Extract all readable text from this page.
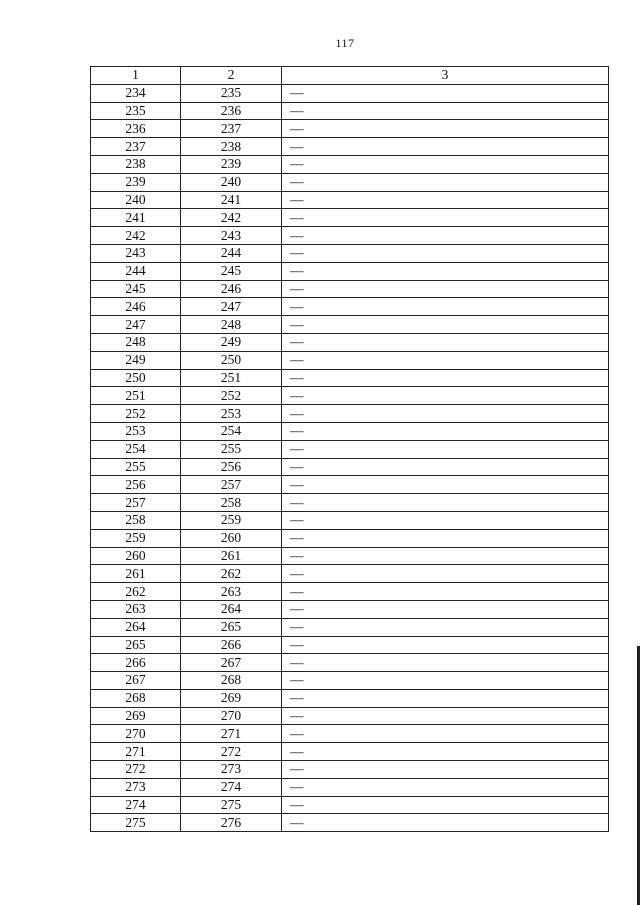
117
1	2	3
234	235	—
235	236	—
236	237	—
237	238	—
238	239	—
239	240	—
240	241	—
241	242	—
242	243	—
243	244	—
244	245	—
245	246	—
246	247	—
247	248	—
248	249	—
249	250	—
250	251	—
251	252	—
252	253	—
253	254	—
254	255	—
255	256	—
256	257	—
257	258	—
258	259	—
259	260	—
260	261	—
261	262	—
262	263	—
263	264	—
264	265	—
265	266	—
266	267	—
267	268	—
268	269	—
269	270	—
270	271	—
271	272	—
272	273	—
273	274	—
274	275	—
275	276	—
